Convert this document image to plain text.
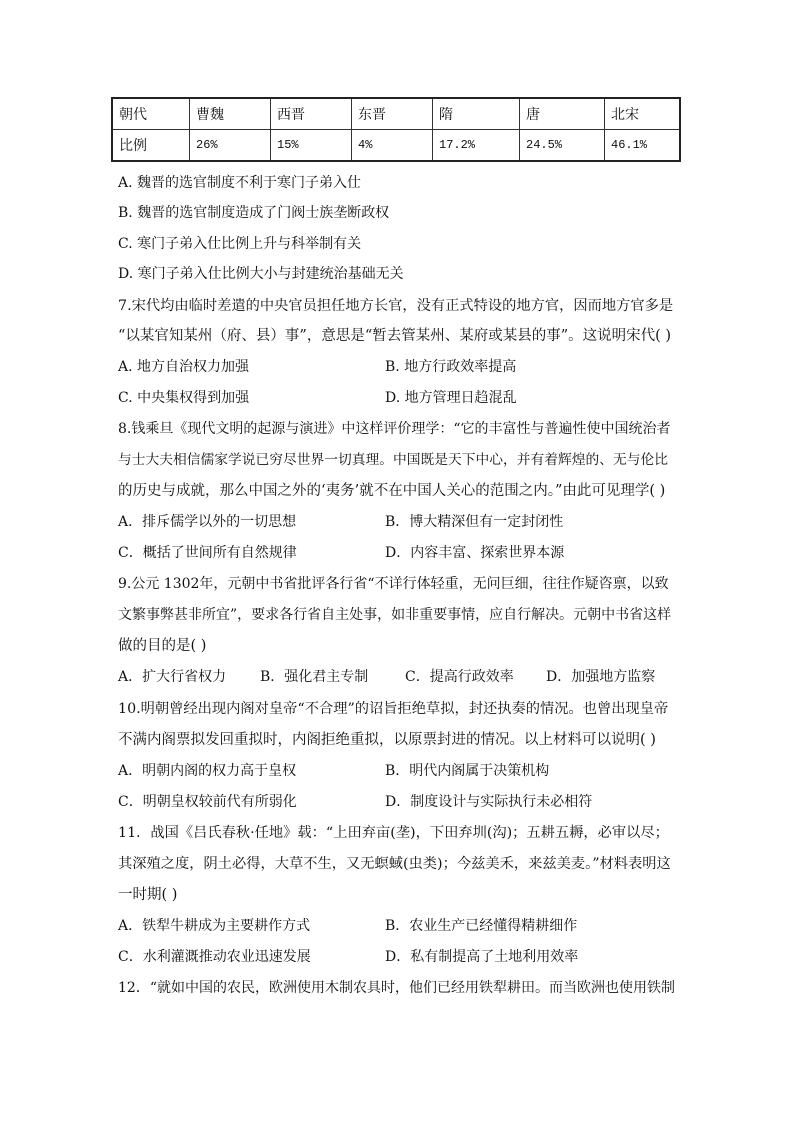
朝代	曹魏	西晋	东晋	隋	唐	北宋
比例	26%	15%	4%	17.2%	24.5%	46.1%
A. 魏晋的选官制度不利于寒门子弟入仕
B. 魏晋的选官制度造成了门阀士族垄断政权
C. 寒门子弟入仕比例上升与科举制有关
D. 寒门子弟入仕比例大小与封建统治基础无关
7.宋代均由临时差遣的中央官员担任地方长官，没有正式特设的地方官，因而地方官多是
“以某官知某州（府、县）事”，意思是“暂去管某州、某府或某县的事”。这说明宋代( )
A. 地方自治权力加强	B. 地方行政效率提高
C. 中央集权得到加强	D. 地方管理日趋混乱
8.钱乘旦《现代文明的起源与演进》中这样评价理学：“它的丰富性与普遍性使中国统治者
与士大夫相信儒家学说已穷尽世界一切真理。中国既是天下中心，并有着辉煌的、无与伦比
的历史与成就，那么中国之外的‘夷务’就不在中国人关心的范围之内。”由此可见理学( )
A．排斥儒学以外的一切思想	B．博大精深但有一定封闭性
C．概括了世间所有自然规律	D．内容丰富、探索世界本源
9.公元 1302年，元朝中书省批评各行省“不详行体轻重，无问巨细，往往作疑咨禀，以致
文繁事弊甚非所宜”，要求各行省自主处事，如非重要事情，应自行解决。元朝中书省这样
做的目的是( )
A．扩大行省权力 B．强化君主专制	C．提高行政效率 D．加强地方监察
10.明朝曾经出现内阁对皇帝“不合理”的诏旨拒绝草拟，封还执奏的情况。也曾出现皇帝
不满内阁票拟发回重拟时，内阁拒绝重拟，以原票封进的情况。以上材料可以说明( )
A．明朝内阁的权力高于皇权	B．明代内阁属于决策机构
C．明朝皇权较前代有所弱化	D．制度设计与实际执行未必相符
11．战国《吕氏春秋·任地》载：“上田弃亩(垄)，下田弃圳(沟)；五耕五耨，必审以尽；
其深殖之度，阴土必得，大草不生，又无螟蜮(虫类)；今兹美禾，来兹美麦。”材料表明这
一时期( )
A．铁犁牛耕成为主要耕作方式	B．农业生产已经懂得精耕细作
C．水利灌溉推动农业迅速发展	D．私有制提高了土地利用效率
12．“就如中国的农民，欧洲使用木制农具时，他们已经用铁犁耕田。而当欧洲也使用铁制
